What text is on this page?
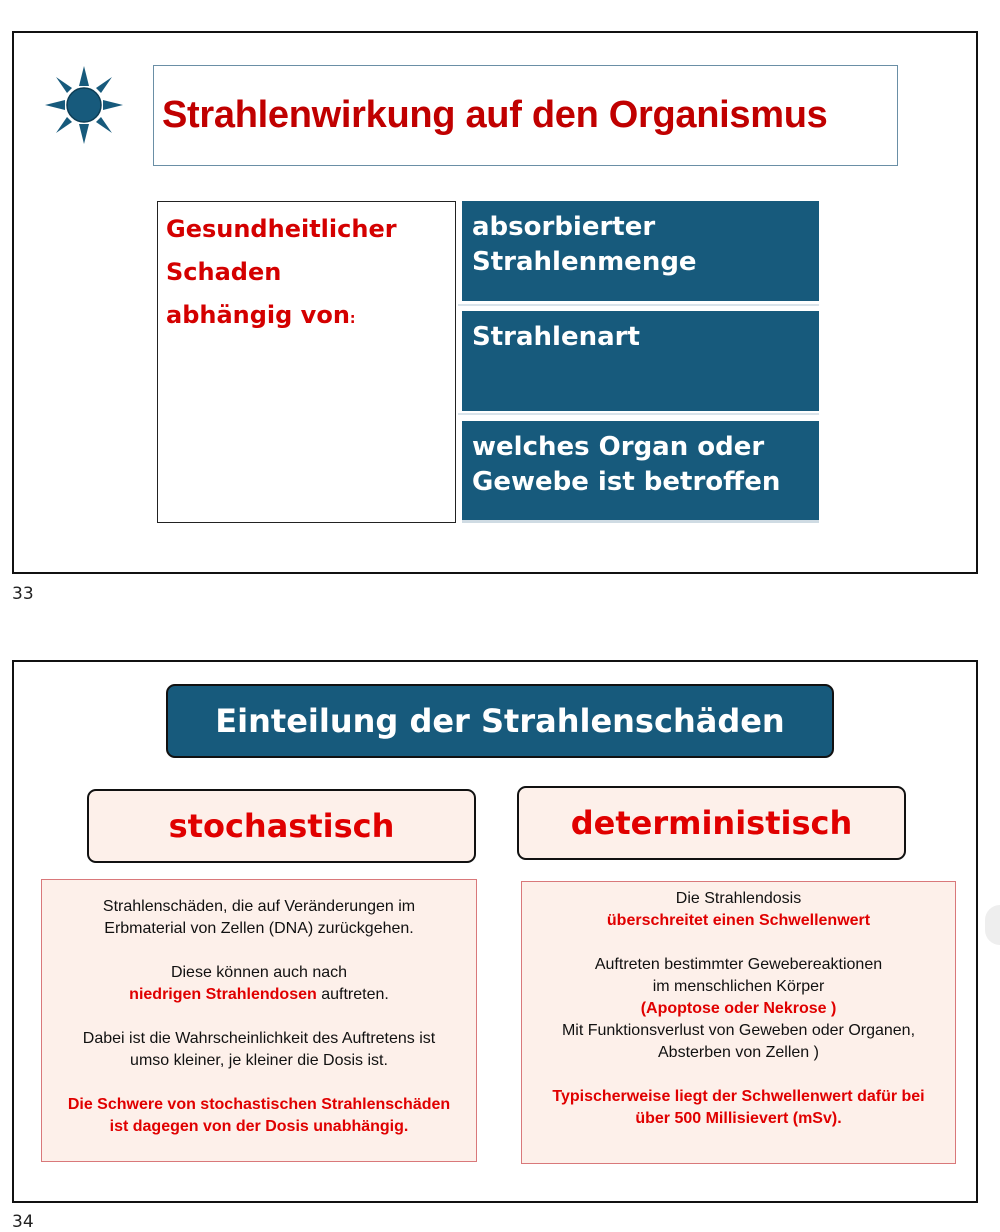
Strahlenwirkung auf den Organismus
Gesundheitlicher
Schaden
abhängig von:
absorbierter
Strahlenmenge
Strahlenart
welches Organ oder
Gewebe ist betroffen
33
Einteilung der Strahlenschäden
stochastisch	deterministisch

Strahlenschäden, die auf Veränderungen im
Erbmaterial von Zellen (DNA) zurückgehen.

Diese können auch nach
niedrigen Strahlendosen auftreten.

Dabei ist die Wahrscheinlichkeit des Auftretens ist
umso kleiner, je kleiner die Dosis ist.

Die Schwere von stochastischen Strahlenschäden
ist dagegen von der Dosis unabhängig.

Die Strahlendosis
überschreitet einen Schwellenwert

Auftreten bestimmter Gewebereaktionen
im menschlichen Körper
(Apoptose oder Nekrose )
Mit Funktionsverlust von Geweben oder Organen,
Absterben von Zellen )

Typischerweise liegt der Schwellenwert dafür bei
über 500 Millisievert (mSv).

34
